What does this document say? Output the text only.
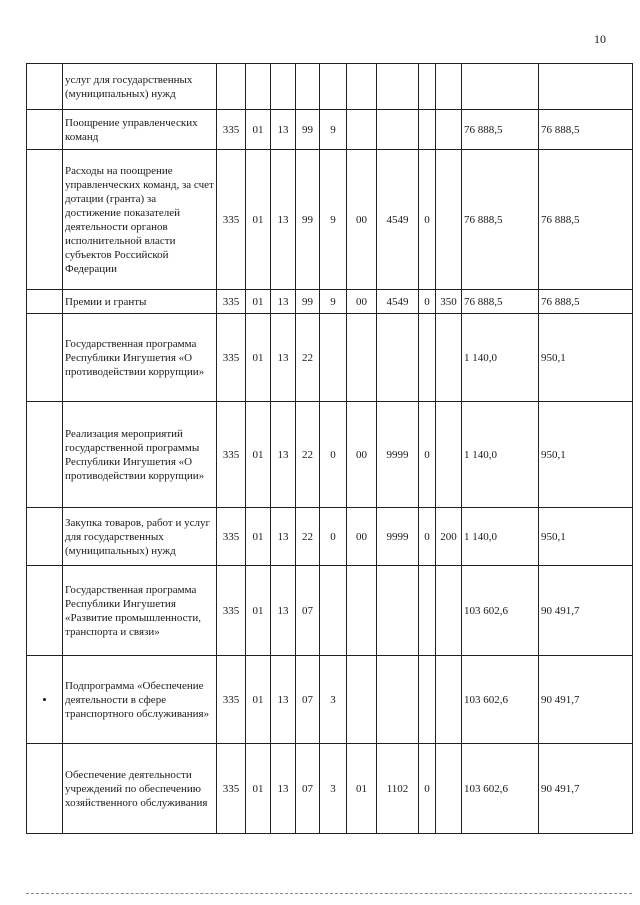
10
	услуг для государственных (муниципальных) нужд											
	Поощрение управленческих команд	335	01	13	99	9					76 888,5	76 888,5
	Расходы на поощрение управленческих команд, за счет дотации (гранта) за достижение показателей деятельности органов исполнительной власти субъектов Российской Федерации	335	01	13	99	9	00	4549	0		76 888,5	76 888,5
	Премии и гранты	335	01	13	99	9	00	4549	0	350	76 888,5	76 888,5
	Государственная программа Республики Ингушетия «О противодействии коррупции»	335	01	13	22						1 140,0	950,1
	Реализация мероприятий государственной программы Республики Ингушетия «О противодействии коррупции»	335	01	13	22	0	00	9999	0		1 140,0	950,1
	Закупка товаров, работ и услуг для государственных (муниципальных) нужд	335	01	13	22	0	00	9999	0	200	1 140,0	950,1
	Государственная программа Республики Ингушетия «Развитие промышленности, транспорта и связи»	335	01	13	07						103 602,6	90 491,7
•	Подпрограмма «Обеспечение деятельности в сфере транспортного обслуживания»	335	01	13	07	3					103 602,6	90 491,7
	Обеспечение деятельности учреждений по обеспечению хозяйственного обслуживания	335	01	13	07	3	01	1102	0		103 602,6	90 491,7
